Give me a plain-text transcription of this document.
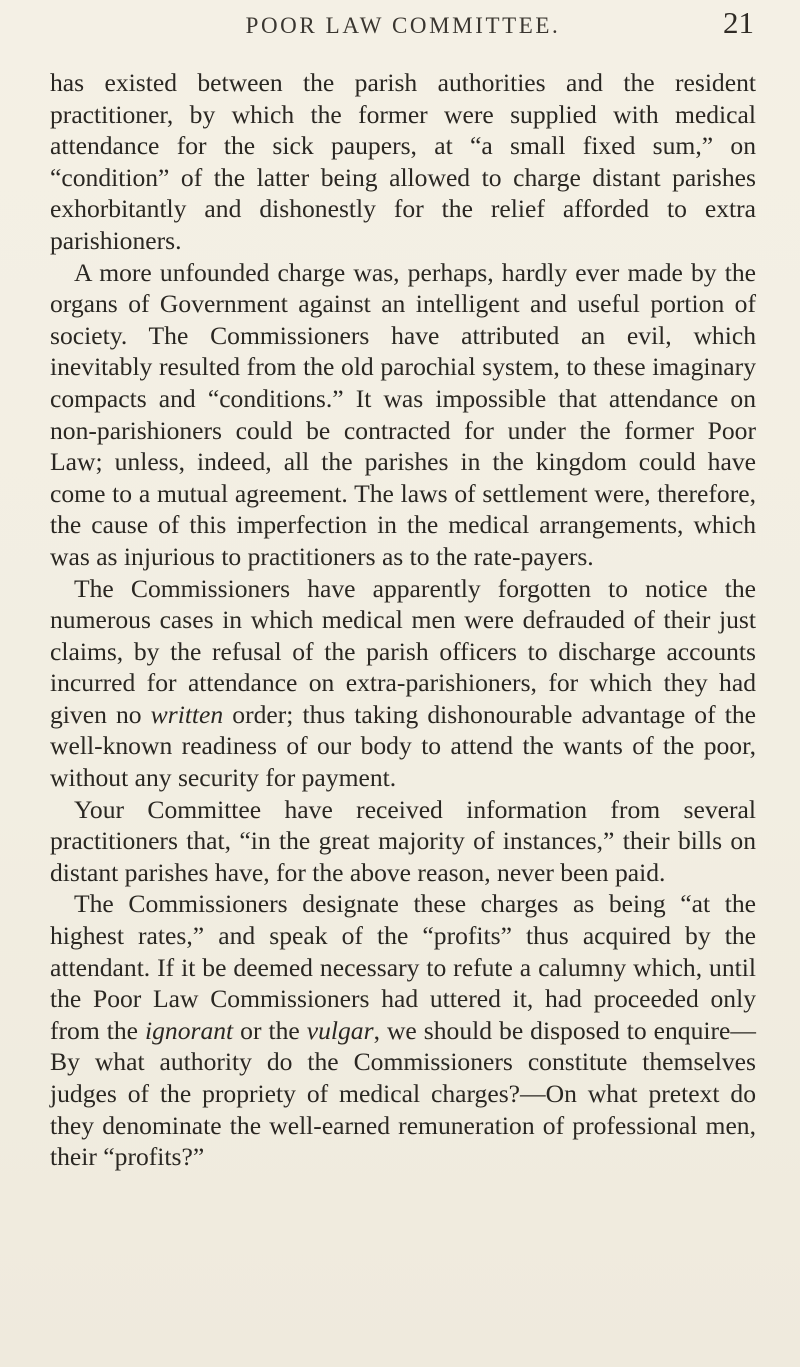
POOR LAW COMMITTEE.	21

has existed between the parish authorities and the resident practitioner, by which the former were supplied with medical attendance for the sick paupers, at “a small fixed sum,” on “condition” of the latter being allowed to charge distant parishes exhorbitantly and dishonestly for the relief afforded to extra parishioners.

A more unfounded charge was, perhaps, hardly ever made by the organs of Government against an intelligent and useful portion of society. The Commissioners have attributed an evil, which inevitably resulted from the old parochial system, to these imaginary compacts and “conditions.” It was impossible that attendance on non-parishioners could be contracted for under the former Poor Law; unless, indeed, all the parishes in the kingdom could have come to a mutual agreement. The laws of settlement were, therefore, the cause of this imperfection in the medical arrangements, which was as injurious to practitioners as to the rate-payers.

The Commissioners have apparently forgotten to notice the numerous cases in which medical men were defrauded of their just claims, by the refusal of the parish officers to discharge accounts incurred for attendance on extra-parishioners, for which they had given no written order; thus taking dishonourable advantage of the well-known readiness of our body to attend the wants of the poor, without any security for payment.

Your Committee have received information from several practitioners that, “in the great majority of instances,” their bills on distant parishes have, for the above reason, never been paid.

The Commissioners designate these charges as being “at the highest rates,” and speak of the “profits” thus acquired by the attendant. If it be deemed necessary to refute a calumny which, until the Poor Law Commissioners had uttered it, had proceeded only from the ignorant or the vulgar, we should be disposed to enquire—By what authority do the Commissioners constitute themselves judges of the propriety of medical charges?—On what pretext do they denominate the well-earned remuneration of professional men, their “profits?”
